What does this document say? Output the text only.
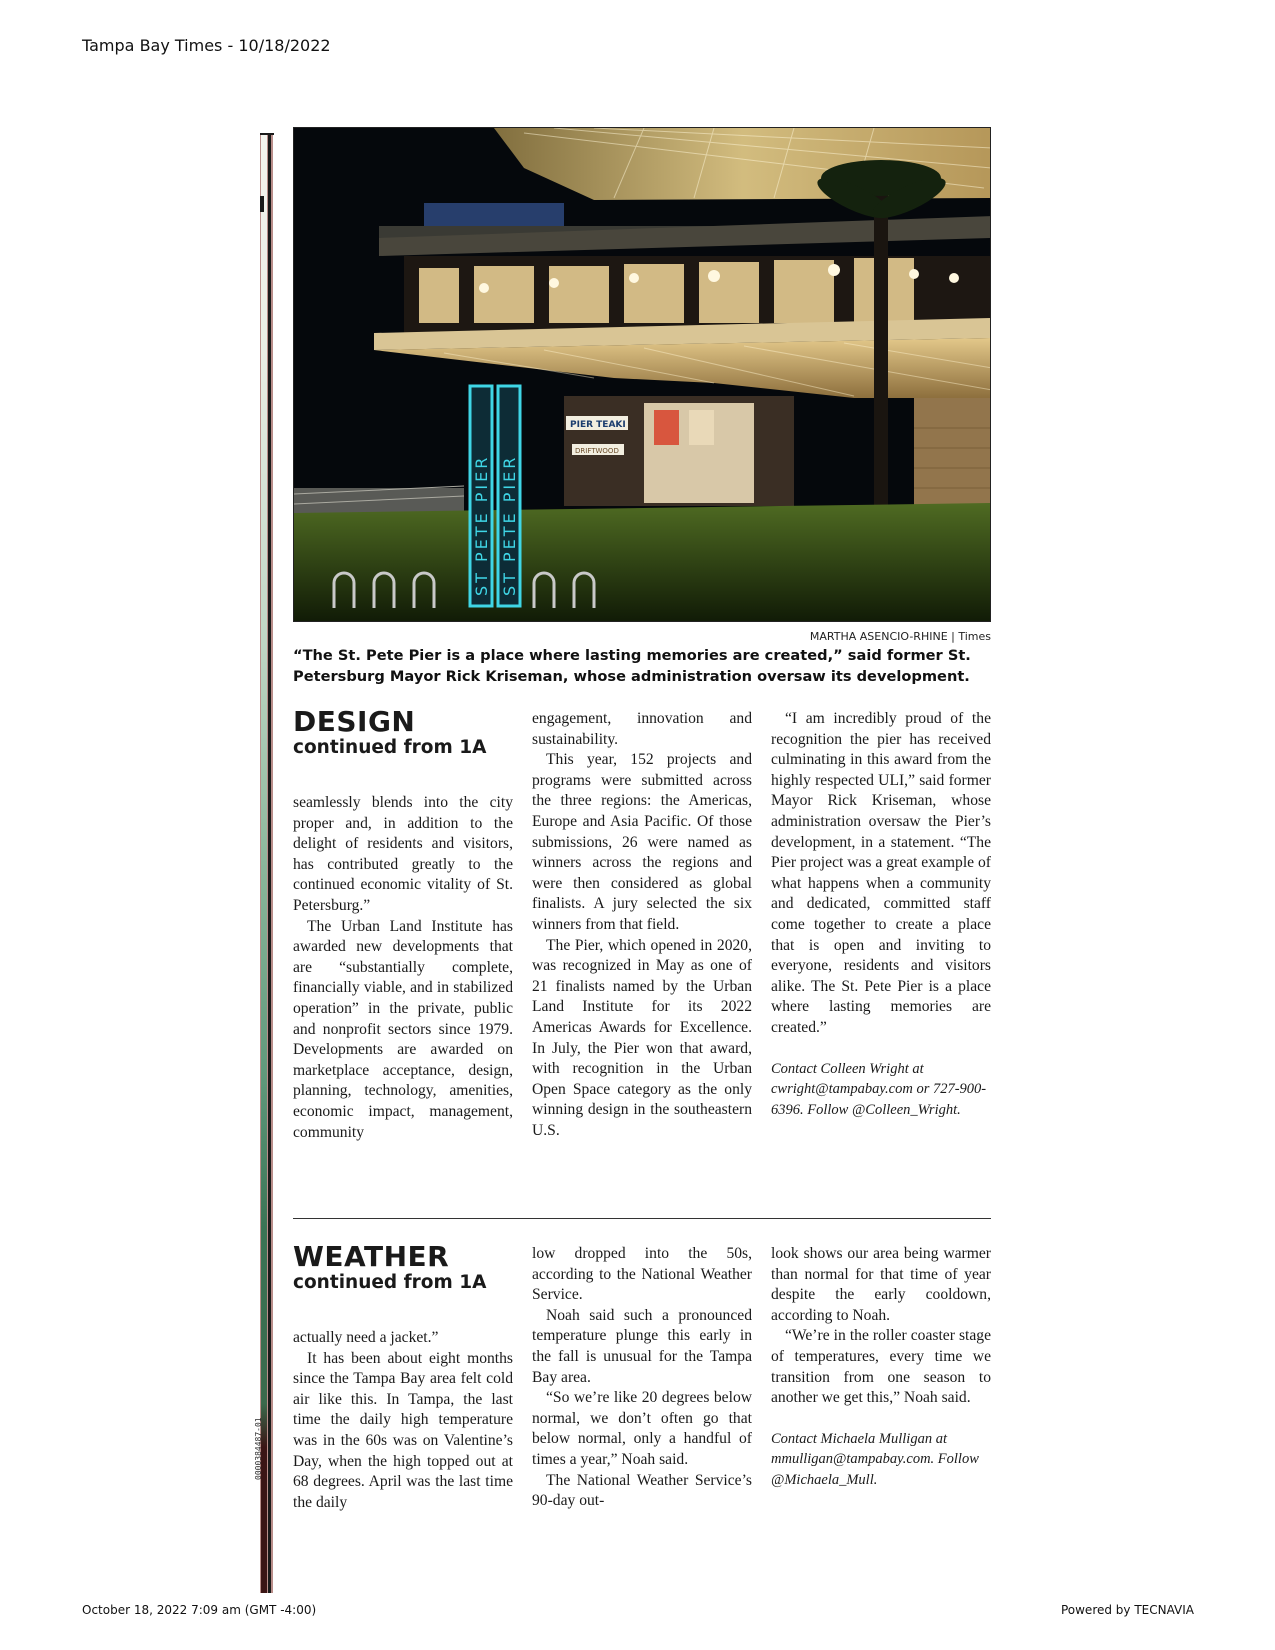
Tampa Bay Times - 10/18/2022
0000384487-01
PIER TEAKI
DRIFTWOOD
ST PETE PIER ST PETE PIER
MARTHA ASENCIO-RHINE | Times
“The St. Pete Pier is a place where lasting memories are created,” said former St. Petersburg Mayor Rick Kriseman, whose administration oversaw its development.
DESIGN
continued from 1A

seamlessly blends into the city proper and, in addition to the delight of residents and visitors, has contributed greatly to the continued economic vitality of St. Petersburg.”

The Urban Land Institute has awarded new developments that are “substantially complete, financially viable, and in stabilized operation” in the private, public and nonprofit sectors since 1979. Developments are awarded on marketplace acceptance, design, planning, technology, amenities, economic impact, management, community

engagement, innovation and sustainability.

This year, 152 projects and programs were submitted across the three regions: the Americas, Europe and Asia Pacific. Of those submissions, 26 were named as winners across the regions and were then considered as global finalists. A jury selected the six winners from that field.

The Pier, which opened in 2020, was recognized in May as one of 21 finalists named by the Urban Land Institute for its 2022 Americas Awards for Excellence. In July, the Pier won that award, with recognition in the Urban Open Space category as the only winning design in the southeastern U.S.

“I am incredibly proud of the recognition the pier has received culminating in this award from the highly respected ULI,” said former Mayor Rick Kriseman, whose administration oversaw the Pier’s development, in a statement. “The Pier project was a great example of what happens when a community and dedicated, committed staff come together to create a place that is open and inviting to everyone, residents and visitors alike. The St. Pete Pier is a place where lasting memories are created.”

Contact Colleen Wright at cwright@tampabay.com or 727-900-6396. Follow @Colleen_Wright.

WEATHER
continued from 1A

actually need a jacket.”

It has been about eight months since the Tampa Bay area felt cold air like this. In Tampa, the last time the daily high temperature was in the 60s was on Valentine’s Day, when the high topped out at 68 degrees. April was the last time the daily

low dropped into the 50s, according to the National Weather Service.

Noah said such a pronounced temperature plunge this early in the fall is unusual for the Tampa Bay area.

“So we’re like 20 degrees below normal, we don’t often go that below normal, only a handful of times a year,” Noah said.

The National Weather Service’s 90-day out-

look shows our area being warmer than normal for that time of year despite the early cooldown, according to Noah.

“We’re in the roller coaster stage of temperatures, every time we transition from one season to another we get this,” Noah said.

Contact Michaela Mulligan at mmulligan@tampabay.com. Follow @Michaela_Mull.

October 18, 2022 7:09 am (GMT -4:00)	Powered by TECNAVIA
